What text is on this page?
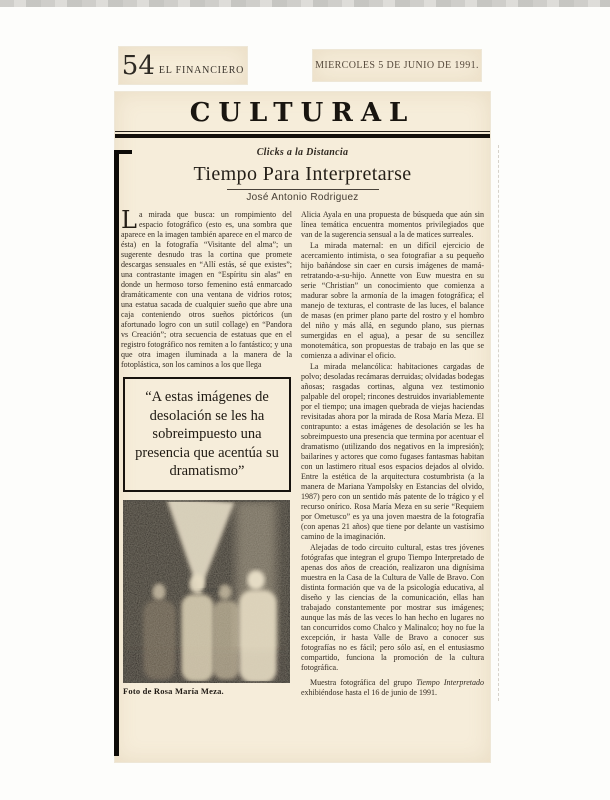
54 EL FINANCIERO	MIERCOLES 5 DE JUNIO DE 1991.
CULTURAL
Clicks a la Distancia
Tiempo Para Interpretarse
José Antonio Rodriguez

La mirada que busca: un rompimiento del espacio fotográfico (esto es, una sombra que aparece en la imagen también aparece en el marco de ésta) en la fotografía “Visitante del alma”; un sugerente desnudo tras la cortina que promete descargas sensuales en “Allí estás, sé que existes”; una contrastante imagen en “Espíritu sin alas” en donde un hermoso torso femenino está enmarcado dramáticamente con una ventana de vidrios rotos; una estatua sacada de cualquier sueño que abre una caja conteniendo otros sueños pictóricos (un afortunado logro con un sutil collage) en “Pandora vs Creación”; otra secuencia de estatuas que en el registro fotográfico nos remiten a lo fantástico; y una que otra imagen iluminada a la manera de la fotoplástica, son los caminos a los que llega

“A estas imágenes de desolación se les ha sobreimpuesto una presencia que acentúa su dramatismo”
Foto de Rosa María Meza.

Alicia Ayala en una propuesta de búsqueda que aún sin línea temática encuentra momentos privilegiados que van de la sugerencia sensual a la de matices surreales.

La mirada maternal: en un difícil ejercicio de acercamiento intimista, o sea fotografiar a su pequeño hijo bañándose sin caer en cursis imágenes de mamá-retratando-a-su-hijo. Annette von Euw muestra en su serie “Christian” un conocimiento que comienza a madurar sobre la armonía de la imagen fotográfica; el manejo de texturas, el contraste de las luces, el balance de masas (en primer plano parte del rostro y el hombro del niño y más allá, en segundo plano, sus piernas sumergidas en el agua), a pesar de su sencillez monotemática, son propuestas de trabajo en las que se comienza a adivinar el oficio.

La mirada melancólica: habitaciones cargadas de polvo; desoladas recámaras derruidas; olvidadas bodegas añosas; rasgadas cortinas, alguna vez testimonio palpable del oropel; rincones destruidos invariablemente por el tiempo; una imagen quebrada de viejas haciendas revisitadas ahora por la mirada de Rosa María Meza. El contrapunto: a estas imágenes de desolación se les ha sobreimpuesto una presencia que termina por acentuar el dramatismo (utilizando dos negativos en la impresión); bailarines y actores que como fugases fantasmas habitan con un lastimero ritual esos espacios dejados al olvido. Entre la estética de la arquitectura costumbrista (a la manera de Mariana Yampolsky en Estancias del olvido, 1987) pero con un sentido más patente de lo trágico y el recurso onírico. Rosa María Meza en su serie “Requiem por Ometusco” es ya una joven maestra de la fotografía (con apenas 21 años) que tiene por delante un vastísimo camino de la imaginación.

Alejadas de todo circuito cultural, estas tres jóvenes fotógrafas que integran el grupo Tiempo Interpretado de apenas dos años de creación, realizaron una dignísima muestra en la Casa de la Cultura de Valle de Bravo. Con distinta formación que va de la psicología educativa, al diseño y las ciencias de la comunicación, ellas han trabajado constantemente por mostrar sus imágenes; aunque las más de las veces lo han hecho en lugares no tan concurridos como Chalco y Malinalco; hoy no fue la excepción, ir hasta Valle de Bravo a conocer sus fotografías no es fácil; pero sólo así, en el entusiasmo compartido, funciona la promoción de la cultura fotográfica.

Muestra fotográfica del grupo Tiempo Interpretado exhibiéndose hasta el 16 de junio de 1991.
